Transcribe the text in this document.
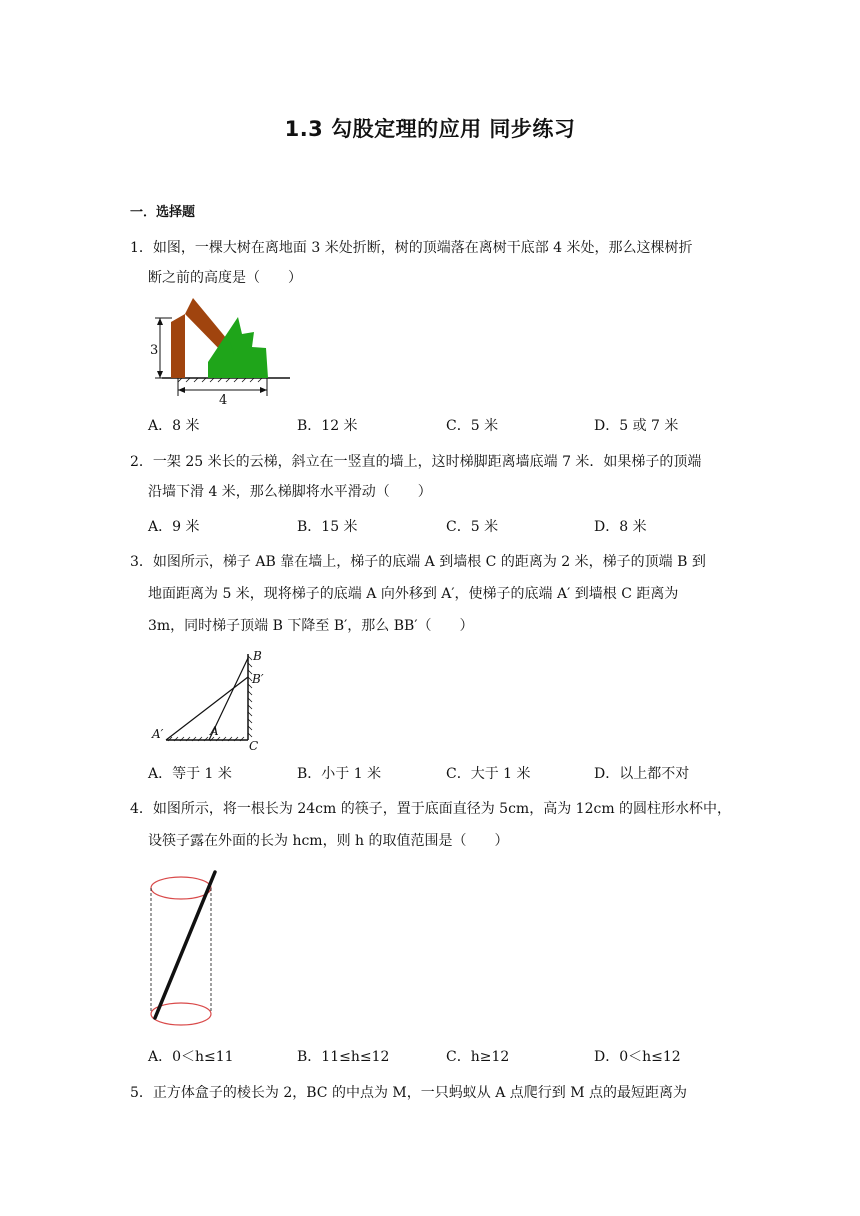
1.3 勾股定理的应用 同步练习
一．选择题
1．如图，一棵大树在离地面 3 米处折断，树的顶端落在离树干底部 4 米处，那么这棵树折
断之前的高度是（　　）
3
4
A．8 米	B．12 米	C．5 米	D．5 或 7 米
2．一架 25 米长的云梯，斜立在一竖直的墙上，这时梯脚距离墙底端 7 米．如果梯子的顶端
沿墙下滑 4 米，那么梯脚将水平滑动（　　）
A．9 米	B．15 米	C．5 米	D．8 米
3．如图所示，梯子 AB 靠在墙上，梯子的底端 A 到墙根 C 的距离为 2 米，梯子的顶端 B 到
地面距离为 5 米，现将梯子的底端 A 向外移到 A′，使梯子的底端 A′ 到墙根 C 距离为
3m，同时梯子顶端 B 下降至 B′，那么 BB′（　　）
B
B′
A′	A
C
A．等于 1 米	B．小于 1 米	C．大于 1 米	D．以上都不对
4．如图所示，将一根长为 24cm 的筷子，置于底面直径为 5cm，高为 12cm 的圆柱形水杯中，
设筷子露在外面的长为 hcm，则 h 的取值范围是（　　）
A．0＜h≤11	B．11≤h≤12	C．h≥12	D．0＜h≤12
5．正方体盒子的棱长为 2，BC 的中点为 M，一只蚂蚁从 A 点爬行到 M 点的最短距离为
